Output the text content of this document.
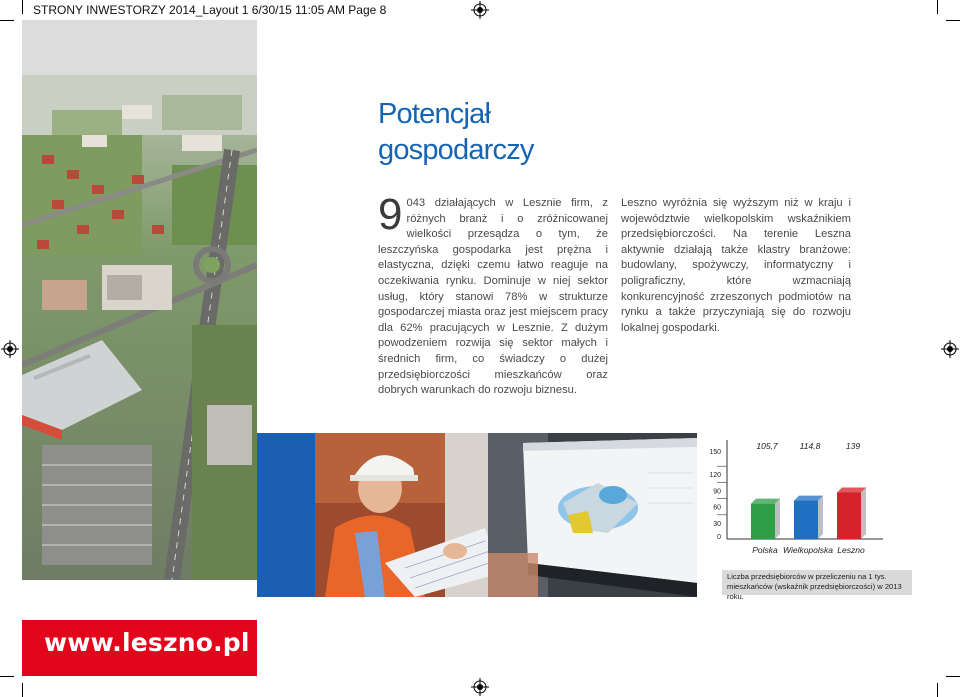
STRONY INWESTORZY 2014_Layout 1 6/30/15 11:05 AM Page 8
www.leszno.pl
Potencjał
gospodarczy
9 043 działających w Lesznie firm, z różnych branż i o zróżnicowanej wielkości przesądza o tym, że leszczyńska gospodarka jest prężna i elastyczna, dzięki czemu łatwo reaguje na oczekiwania rynku. Dominuje w niej sektor usług, który stanowi 78% w strukturze gospodarczej miasta oraz jest miejscem pracy dla 62% pracujących w Lesznie. Z dużym powodzeniem rozwija się sektor małych i średnich firm, co świadczy o dużej przedsiębiorczości mieszkańców oraz dobrych warunkach do rozwoju biznesu.
Leszno wyróżnia się wyższym niż w kraju i województwie wielkopolskim wskaźnikiem przedsiębiorczości. Na terenie Leszna aktywnie działają także klastry branżowe: budowlany, spożywczy, informatyczny i poligraficzny, które wzmacniają konkurencyjność zrzeszonych podmiotów na rynku a także przyczyniają się do rozwoju lokalnej gospodarki.
0
30
60
90
120
150
105,7
Polska
114,8
Wielkopolska
139
Leszno
Liczba przedsiębiorców w przeliczeniu na 1 tys. mieszkańców (wskaźnik przedsiębiorczości) w 2013 roku.
